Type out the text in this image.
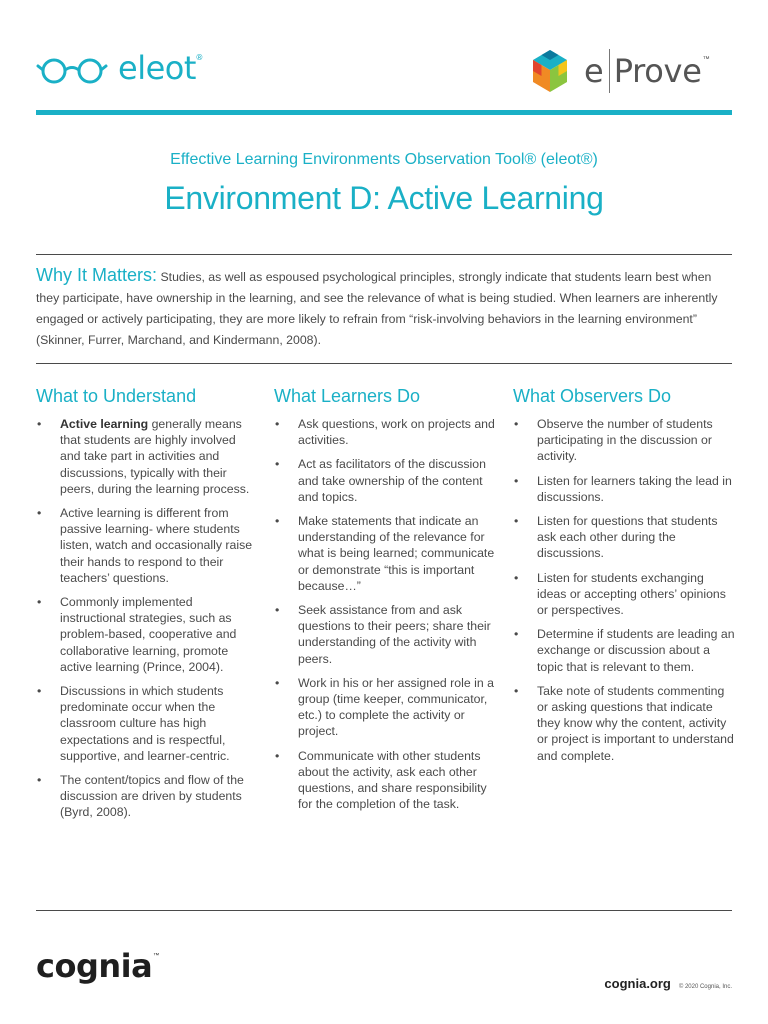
eleot ®	e Prove ™
Effective Learning Environments Observation Tool® (eleot®)
Environment D: Active Learning

Why It Matters: Studies, as well as espoused psychological principles, strongly indicate that students learn best when they participate, have ownership in the learning, and see the relevance of what is being studied. When learners are inherently engaged or actively participating, they are more likely to refrain from “risk-involving behaviors in the learning environment” (Skinner, Furrer, Marchand, and Kindermann, 2008).

What to Understand
• Active learning generally means that students are highly involved and take part in activities and discussions, typically with their peers, during the learning process.
• Active learning is different from passive learning- where students listen, watch and occasionally raise their hands to respond to their teachers’ questions.
• Commonly implemented instructional strategies, such as problem-based, cooperative and collaborative learning, promote active learning (Prince, 2004).
• Discussions in which students predominate occur when the classroom culture has high expectations and is respectful, supportive, and learner-centric.
• The content/topics and flow of the discussion are driven by students (Byrd, 2008).
What Learners Do
• Ask questions, work on projects and activities.
• Act as facilitators of the discussion and take ownership of the content and topics.
• Make statements that indicate an understanding of the relevance for what is being learned; communicate or demonstrate “this is important because…”
• Seek assistance from and ask questions to their peers; share their understanding of the activity with peers.
• Work in his or her assigned role in a group (time keeper, communicator, etc.) to complete the activity or project.
• Communicate with other students about the activity, ask each other questions, and share responsibility for the completion of the task.
What Observers Do
• Observe the number of students participating in the discussion or activity.
• Listen for learners taking the lead in discussions.
• Listen for questions that students ask each other during the discussions.
• Listen for students exchanging ideas or accepting others’ opinions or perspectives.
• Determine if students are leading an exchange or discussion about a topic that is relevant to them.
• Take note of students commenting or asking questions that indicate they know why the content, activity or project is important to understand and complete.
cognia™
cognia.org © 2020 Cognia, Inc.
